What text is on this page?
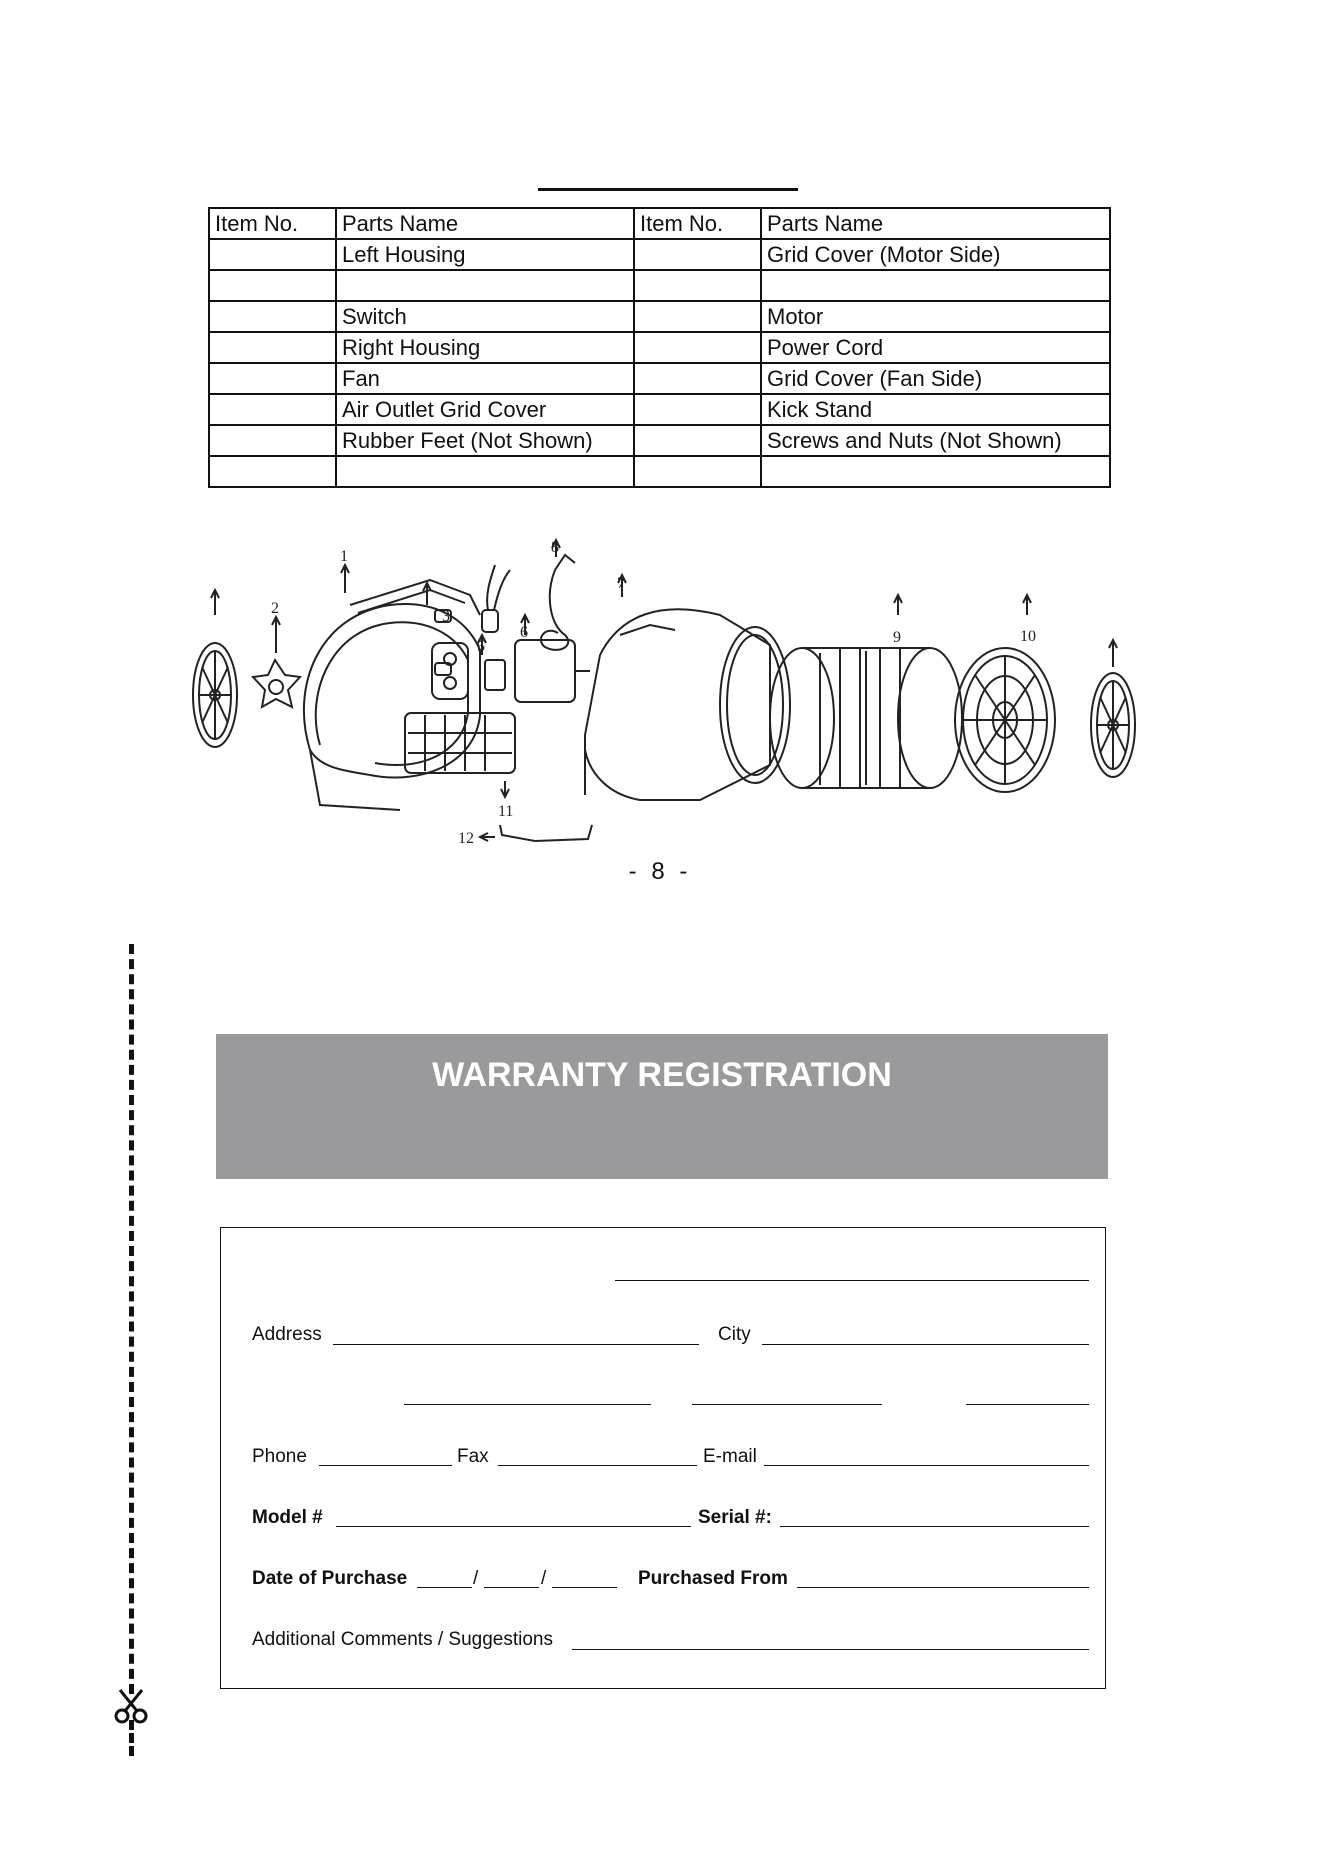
Item No.	Parts Name	Item No.	Parts Name
	Left Housing		Grid Cover (Motor Side)

	Switch		Motor
	Right Housing		Power Cord
	Fan		Grid Cover (Fan Side)
	Air Outlet Grid Cover		Kick Stand
	Rubber Feet (Not Shown)		Screws and Nuts (Not Shown)

1
2	3
5
6
8
7
9	10
11
12
- 8 -
WARRANTY REGISTRATION
Address	City
Phone	Fax	E-mail
Model #	Serial #:
Date of Purchase	/	/	Purchased From
Additional Comments / Suggestions
